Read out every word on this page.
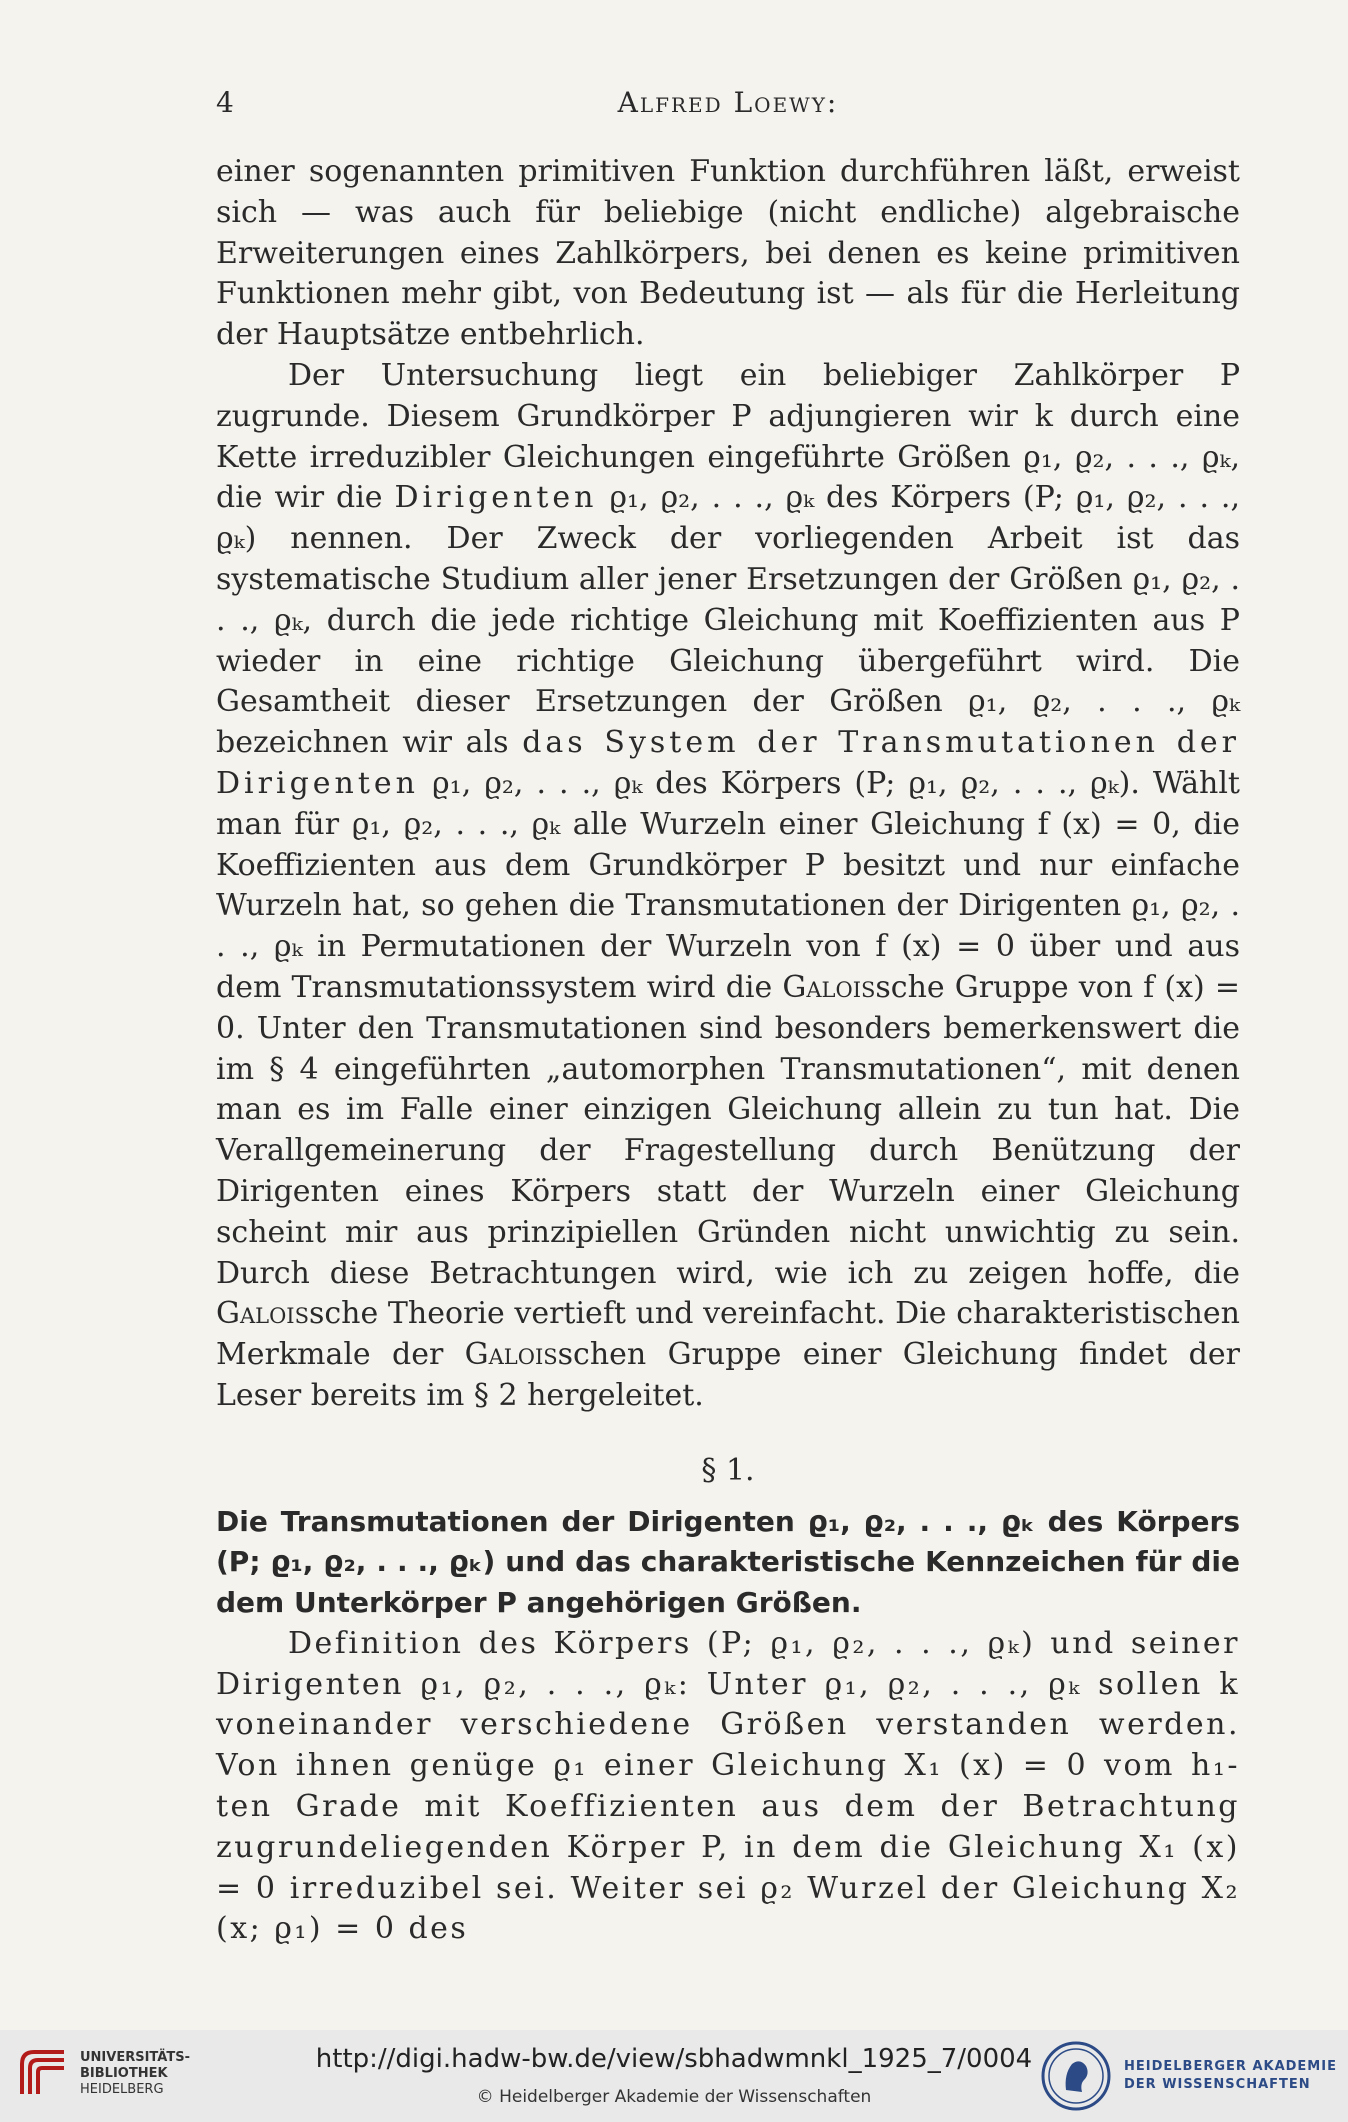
4	Alfred Loewy:

einer sogenannten primitiven Funktion durchführen läßt, erweist sich — was auch für beliebige (nicht endliche) algebraische Erweiterungen eines Zahlkörpers, bei denen es keine primitiven Funktionen mehr gibt, von Bedeutung ist — als für die Herleitung der Hauptsätze entbehrlich.

Der Untersuchung liegt ein beliebiger Zahlkörper P zugrunde. Diesem Grundkörper P adjungieren wir k durch eine Kette irreduzibler Gleichungen eingeführte Größen ϱ₁, ϱ₂, . . ., ϱₖ, die wir die Dirigenten ϱ₁, ϱ₂, . . ., ϱₖ des Körpers (P; ϱ₁, ϱ₂, . . ., ϱₖ) nennen. Der Zweck der vorliegenden Arbeit ist das systematische Studium aller jener Ersetzungen der Größen ϱ₁, ϱ₂, . . ., ϱₖ, durch die jede richtige Gleichung mit Koeffizienten aus P wieder in eine richtige Gleichung übergeführt wird. Die Gesamtheit dieser Ersetzungen der Größen ϱ₁, ϱ₂, . . ., ϱₖ bezeichnen wir als das System der Transmutationen der Dirigenten ϱ₁, ϱ₂, . . ., ϱₖ des Körpers (P; ϱ₁, ϱ₂, . . ., ϱₖ). Wählt man für ϱ₁, ϱ₂, . . ., ϱₖ alle Wurzeln einer Gleichung f (x) = 0, die Koeffizienten aus dem Grundkörper P besitzt und nur einfache Wurzeln hat, so gehen die Transmutationen der Dirigenten ϱ₁, ϱ₂, . . ., ϱₖ in Permutationen der Wurzeln von f (x) = 0 über und aus dem Transmutationssystem wird die Galoissche Gruppe von f (x) = 0. Unter den Transmutationen sind besonders bemerkenswert die im § 4 eingeführten „automorphen Transmutationen“, mit denen man es im Falle einer einzigen Gleichung allein zu tun hat. Die Verallgemeinerung der Fragestellung durch Benützung der Dirigenten eines Körpers statt der Wurzeln einer Gleichung scheint mir aus prinzipiellen Gründen nicht unwichtig zu sein. Durch diese Betrachtungen wird, wie ich zu zeigen hoffe, die Galoissche Theorie vertieft und vereinfacht. Die charakteristischen Merkmale der Galoisschen Gruppe einer Gleichung findet der Leser bereits im § 2 hergeleitet.

§ 1.

Die Transmutationen der Dirigenten ϱ₁, ϱ₂, . . ., ϱₖ des Körpers (P; ϱ₁, ϱ₂, . . ., ϱₖ) und das charakteristische Kennzeichen für die dem Unterkörper P angehörigen Größen.

Definition des Körpers (P; ϱ₁, ϱ₂, . . ., ϱₖ) und seiner Dirigenten ϱ₁, ϱ₂, . . ., ϱₖ: Unter ϱ₁, ϱ₂, . . ., ϱₖ sollen k voneinander verschiedene Größen verstanden werden. Von ihnen genüge ϱ₁ einer Gleichung X₁ (x) = 0 vom h₁-ten Grade mit Koeffizienten aus dem der Betrachtung zugrundeliegenden Körper P, in dem die Gleichung X₁ (x) = 0 irreduzibel sei. Weiter sei ϱ₂ Wurzel der Gleichung X₂ (x; ϱ₁) = 0 des

UNIVERSITÄTS-
BIBLIOTHEK
HEIDELBERG
http://digi.hadw-bw.de/view/sbhadwmnkl_1925_7/0004
© Heidelberger Akademie der Wissenschaften
HEIDELBERGER AKADEMIE
DER WISSENSCHAFTEN
